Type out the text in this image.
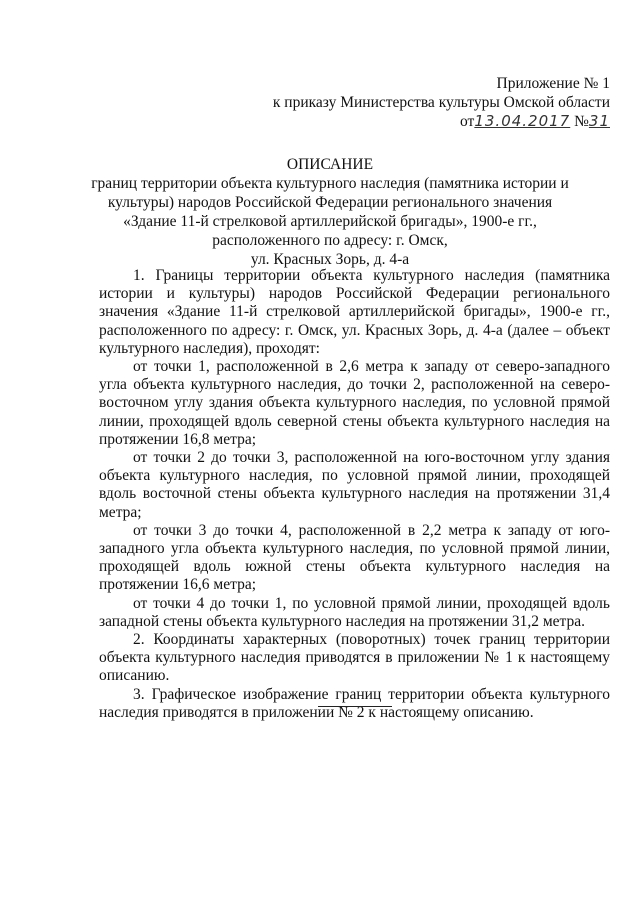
Приложение № 1
к приказу Министерства культуры Омской области
от13.04.2017 №31
ОПИСАНИЕ
границ территории объекта культурного наследия (памятника истории и
культуры) народов Российской Федерации регионального значения
«Здание 11-й стрелковой артиллерийской бригады», 1900-е гг.,
расположенного по адресу: г. Омск,
ул. Красных Зорь, д. 4-а

1. Границы территории объекта культурного наследия (памятника истории и культуры) народов Российской Федерации регионального значения «Здание 11-й стрелковой артиллерийской бригады», 1900-е гг., расположенного по адресу: г. Омск, ул. Красных Зорь, д. 4-а (далее – объект культурного наследия), проходят:

от точки 1, расположенной в 2,6 метра к западу от северо-западного угла объекта культурного наследия, до точки 2, расположенной на северо-восточном углу здания объекта культурного наследия, по условной прямой линии, проходящей вдоль северной стены объекта культурного наследия на протяжении 16,8 метра;

от точки 2 до точки 3, расположенной на юго-восточном углу здания объекта культурного наследия, по условной прямой линии, проходящей вдоль восточной стены объекта культурного наследия на протяжении 31,4 метра;

от точки 3 до точки 4, расположенной в 2,2 метра к западу от юго-западного угла объекта культурного наследия, по условной прямой линии, проходящей вдоль южной стены объекта культурного наследия на протяжении 16,6 метра;

от точки 4 до точки 1, по условной прямой линии, проходящей вдоль западной стены объекта культурного наследия на протяжении 31,2 метра.

2. Координаты характерных (поворотных) точек границ территории объекта культурного наследия приводятся в приложении № 1 к настоящему описанию.

3. Графическое изображение границ территории объекта культурного наследия приводятся в приложении № 2 к настоящему описанию.
